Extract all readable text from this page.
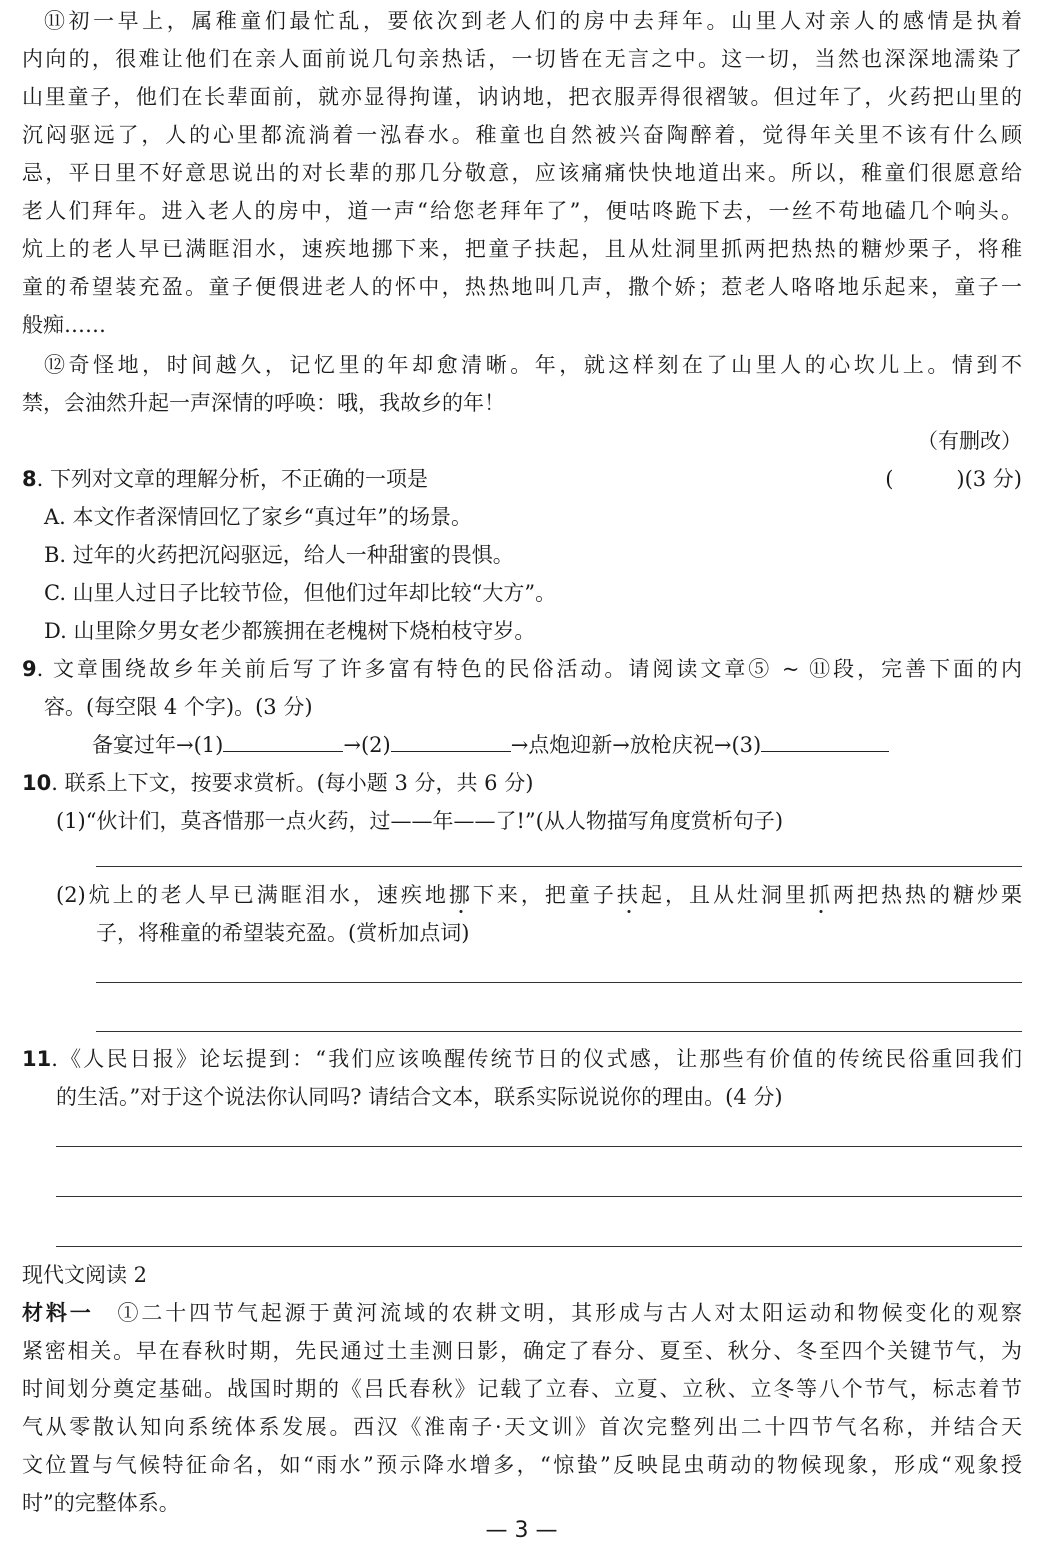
⑪初一早上，属稚童们最忙乱，要依次到老人们的房中去拜年。山里人对亲人的感情是执着
内向的，很难让他们在亲人面前说几句亲热话，一切皆在无言之中。这一切，当然也深深地濡染了
山里童子，他们在长辈面前，就亦显得拘谨，讷讷地，把衣服弄得很褶皱。但过年了，火药把山里的
沉闷驱远了，人的心里都流淌着一泓春水。稚童也自然被兴奋陶醉着，觉得年关里不该有什么顾
忌，平日里不好意思说出的对长辈的那几分敬意，应该痛痛快快地道出来。所以，稚童们很愿意给
老人们拜年。进入老人的房中，道一声“给您老拜年了”，便咕咚跪下去，一丝不苟地磕几个响头。
炕上的老人早已满眶泪水，速疾地挪下来，把童子扶起，且从灶洞里抓两把热热的糖炒栗子，将稚
童的希望装充盈。童子便偎进老人的怀中，热热地叫几声，撒个娇；惹老人咯咯地乐起来，童子一
般痴……
⑫奇怪地，时间越久，记忆里的年却愈清晰。年，就这样刻在了山里人的心坎儿上。情到不
禁，会油然升起一声深情的呼唤：哦，我故乡的年！
（有删改）
8. 下列对文章的理解分析，不正确的一项是	(　　　)(3 分)
A. 本文作者深情回忆了家乡“真过年”的场景。
B. 过年的火药把沉闷驱远，给人一种甜蜜的畏惧。
C. 山里人过日子比较节俭，但他们过年却比较“大方”。
D. 山里除夕男女老少都簇拥在老槐树下烧柏枝守岁。
9. 文章围绕故乡年关前后写了许多富有特色的民俗活动。请阅读文章⑤ ~ ⑪段，完善下面的内
容。(每空限 4 个字)。(3 分)
备宴过年→(1)	→(2)	→点炮迎新→放枪庆祝→(3)
10. 联系上下文，按要求赏析。(每小题 3 分，共 6 分)
(1)“伙计们，莫吝惜那一点火药，过——年——了!”(从人物描写角度赏析句子)
(2)炕上的老人早已满眶泪水，速疾地挪下来，把童子扶起，且从灶洞里抓两把热热的糖炒栗
子，将稚童的希望装充盈。(赏析加点词)
11.《人民日报》论坛提到：“我们应该唤醒传统节日的仪式感，让那些有价值的传统民俗重回我们
的生活。”对于这个说法你认同吗? 请结合文本，联系实际说说你的理由。(4 分)
现代文阅读 2
材料一　①二十四节气起源于黄河流域的农耕文明，其形成与古人对太阳运动和物候变化的观察
紧密相关。早在春秋时期，先民通过土圭测日影，确定了春分、夏至、秋分、冬至四个关键节气，为
时间划分奠定基础。战国时期的《吕氏春秋》记载了立春、立夏、立秋、立冬等八个节气，标志着节
气从零散认知向系统体系发展。西汉《淮南子·天文训》首次完整列出二十四节气名称，并结合天
文位置与气候特征命名，如“雨水”预示降水增多，“惊蛰”反映昆虫萌动的物候现象，形成“观象授
时”的完整体系。
— 3 —
